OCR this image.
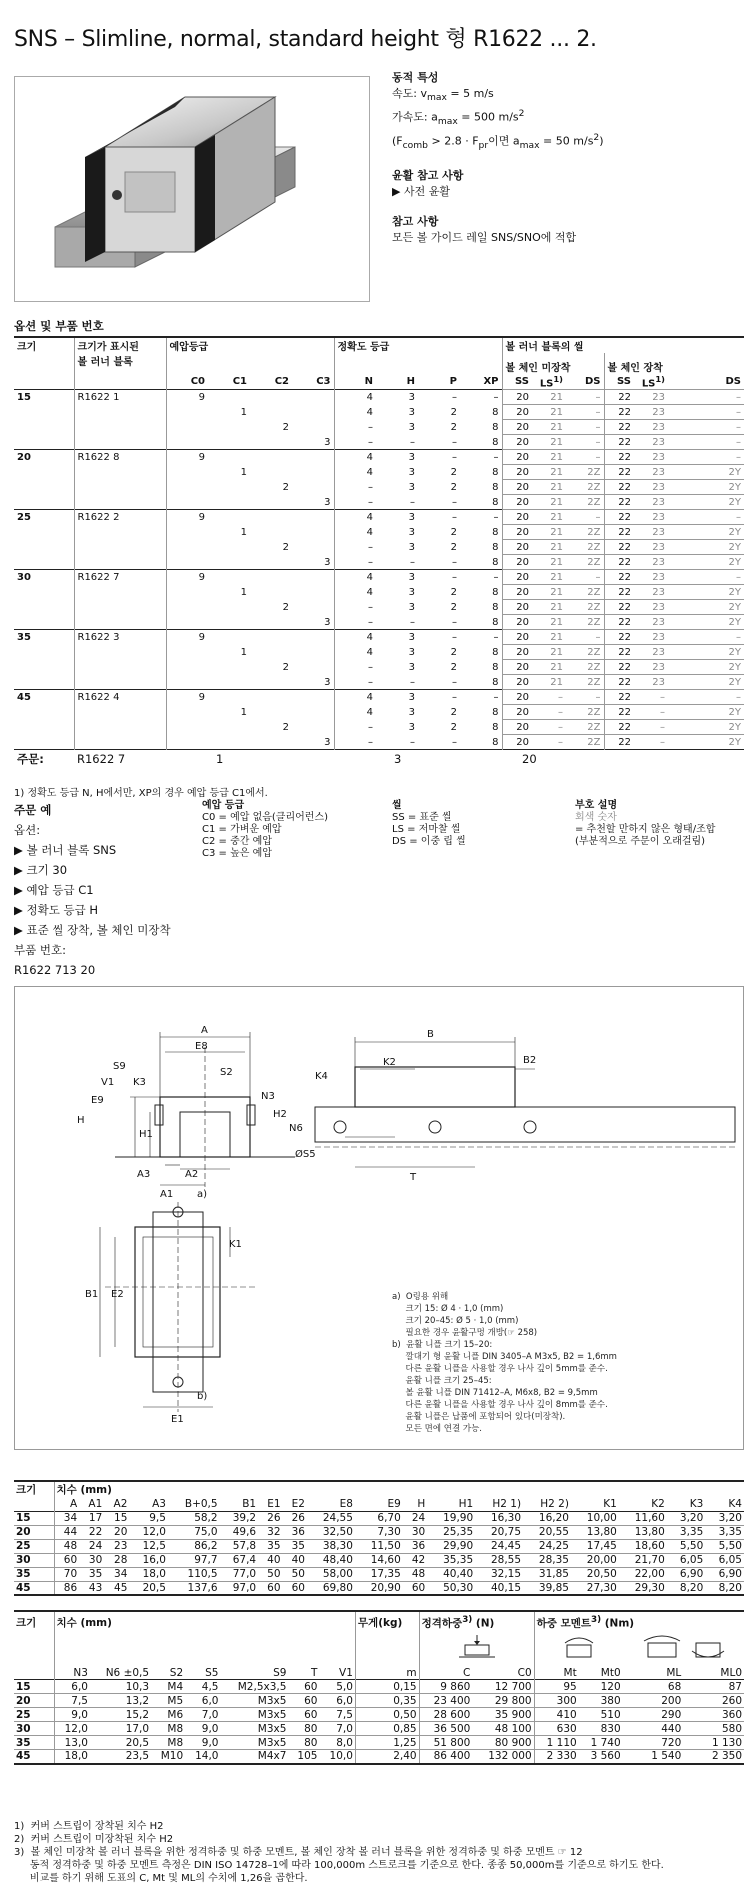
SNS – Slimline, normal, standard height 형 R1622 ... 2.
동적 특성
속도: $v_{max} = 5$ m/s
가속도: $a_{max} = 500$ $m/s^2$
($F_{comb} > 2.8 \cdot F_{pr}$이면 $a_{max} = 50$ $m/s^2$)
윤활 참고 사항
▶ 사전 윤활
참고 사항
모든 볼 가이드 레일 SNS/SNO에 적합
옵션 및 부품 번호
크기	크기가 표시된
볼 러너 블록	예압등급				정확도 등급				볼 러너 블록의 씰					
										볼 체인 미장착			볼 체인 장착		
		C0	C1	C2	C3	N	H	P	XP	SS	LS$^{1)}$	DS	SS	LS$^{1)}$	DS
15	R1622 1	9				4	3	–	–	20	21	–	22	23	–
			1			4	3	2	8	20	21	–	22	23	–
				2		–	3	2	8	20	21	–	22	23	–
					3	–	–	–	8	20	21	–	22	23	–
20	R1622 8	9				4	3	–	–	20	21	–	22	23	–
			1			4	3	2	8	20	21	2Z	22	23	2Y
				2		–	3	2	8	20	21	2Z	22	23	2Y
					3	–	–	–	8	20	21	2Z	22	23	2Y
25	R1622 2	9				4	3	–	–	20	21	–	22	23	–
			1			4	3	2	8	20	21	2Z	22	23	2Y
				2		–	3	2	8	20	21	2Z	22	23	2Y
					3	–	–	–	8	20	21	2Z	22	23	2Y
30	R1622 7	9				4	3	–	–	20	21	–	22	23	–
			1			4	3	2	8	20	21	2Z	22	23	2Y
				2		–	3	2	8	20	21	2Z	22	23	2Y
					3	–	–	–	8	20	21	2Z	22	23	2Y
35	R1622 3	9				4	3	–	–	20	21	–	22	23	–
			1			4	3	2	8	20	21	2Z	22	23	2Y
				2		–	3	2	8	20	21	2Z	22	23	2Y
					3	–	–	–	8	20	21	2Z	22	23	2Y
45	R1622 4	9				4	3	–	–	20	–	–	22	–	–
			1			4	3	2	8	20	–	2Z	22	–	2Y
				2		–	3	2	8	20	–	2Z	22	–	2Y
					3	–	–	–	8	20	–	2Z	22	–	2Y
주문:	R1622 7	1				3				20					
1) 정확도 등급 N, H에서만, XP의 경우 예압 등급 C1에서.
주문 예
옵션:
▶ 볼 러너 블록 SNS
▶ 크기 30
▶ 예압 등급 C1
▶ 정확도 등급 H
▶ 표준 씰 장착, 볼 체인 미장착
부품 번호:
R1622 713 20
예압 등급
C0 = 예압 없음(클리어런스)
C1 = 가벼운 예압
C2 = 중간 예압
C3 = 높은 예압
씰
SS = 표준 씰
LS = 저마찰 씰
DS = 이중 립 씰
부호 설명
회색 숫자
= 추천할 만하지 않은 형태/조합
(부분적으로 주문이 오래걸림)
A
E8
S9
S2
V1 K3
N3
E9
H
H1
A3	A2
A1
B
K2	B2
K4
H2
N6
ØS5
T
a)
b)
K1
B1 E2
E1
a)  O링용 위해
크기 15: Ø 4 · 1,0 (mm)
크기 20–45: Ø 5 · 1,0 (mm)
필요한 경우 윤활구멍 개방(☞ 258)
b)  윤활 니플 크기 15–20:
깔대기 형 윤활 니플 DIN 3405–A M3x5, B2 = 1,6mm
다른 윤활 니플을 사용할 경우 나사 깊이 5mm를 준수.
윤활 니플 크기 25–45:
볼 윤활 니플 DIN 71412–A, M6x8, B2 = 9,5mm
다른 윤활 니플을 사용할 경우 나사 깊이 8mm를 준수.
윤활 니플은 납품에 포함되어 있다(미장착).
모든 면에 연결 가능.
크기	치수 (mm)																	
	A	A1	A2	A3	B+0,5	B1	E1	E2	E8	E9	H	H1	H2 1)	H2 2)	K1	K2	K3	K4
15	34	17	15	9,5	58,2	39,2	26	26	24,55	6,70	24	19,90	16,30	16,20	10,00	11,60	3,20	3,20
20	44	22	20	12,0	75,0	49,6	32	36	32,50	7,30	30	25,35	20,75	20,55	13,80	13,80	3,35	3,35
25	48	24	23	12,5	86,2	57,8	35	35	38,30	11,50	36	29,90	24,45	24,25	17,45	18,60	5,50	5,50
30	60	30	28	16,0	97,7	67,4	40	40	48,40	14,60	42	35,35	28,55	28,35	20,00	21,70	6,05	6,05
35	70	35	34	18,0	110,5	77,0	50	50	58,00	17,35	48	40,40	32,15	31,85	20,50	22,00	6,90	6,90
45	86	43	45	20,5	137,6	97,0	60	60	69,80	20,90	60	50,30	40,15	39,85	27,30	29,30	8,20	8,20
크기	치수 (mm)							무게(kg)	정격하중$^{3)}$ (N)		하중 모멘트$^{3)}$ (Nm)			

	N3	N6 ±0,5	S2	S5	S9	T	V1	m	C	C0	Mt	Mt0	ML	ML0
15	6,0	10,3	M4	4,5	M2,5x3,5	60	5,0	0,15	9 860	12 700	95	120	68	87
20	7,5	13,2	M5	6,0	M3x5	60	6,0	0,35	23 400	29 800	300	380	200	260
25	9,0	15,2	M6	7,0	M3x5	60	7,5	0,50	28 600	35 900	410	510	290	360
30	12,0	17,0	M8	9,0	M3x5	80	7,0	0,85	36 500	48 100	630	830	440	580
35	13,0	20,5	M8	9,0	M3x5	80	8,0	1,25	51 800	80 900	1 110	1 740	720	1 130
45	18,0	23,5	M10	14,0	M4x7	105	10,0	2,40	86 400	132 000	2 330	3 560	1 540	2 350
1)  커버 스트립이 장착된 치수 H2
2)  커버 스트립이 미장착된 치수 H2
3)  볼 체인 미장착 볼 러너 블록을 위한 정격하중 및 하중 모멘트, 볼 체인 장착 볼 러너 블록을 위한 정격하중 및 하중 모멘트 ☞ 12
동적 정격하중 및 하중 모멘트 측정은 DIN ISO 14728–1에 따라 100,000m 스트로크를 기준으로 한다. 종종 50,000m를 기준으로 하기도 한다.
비교를 하기 위해 도표의 C, Mt 및 ML의 수치에 1,26을 곱한다.
